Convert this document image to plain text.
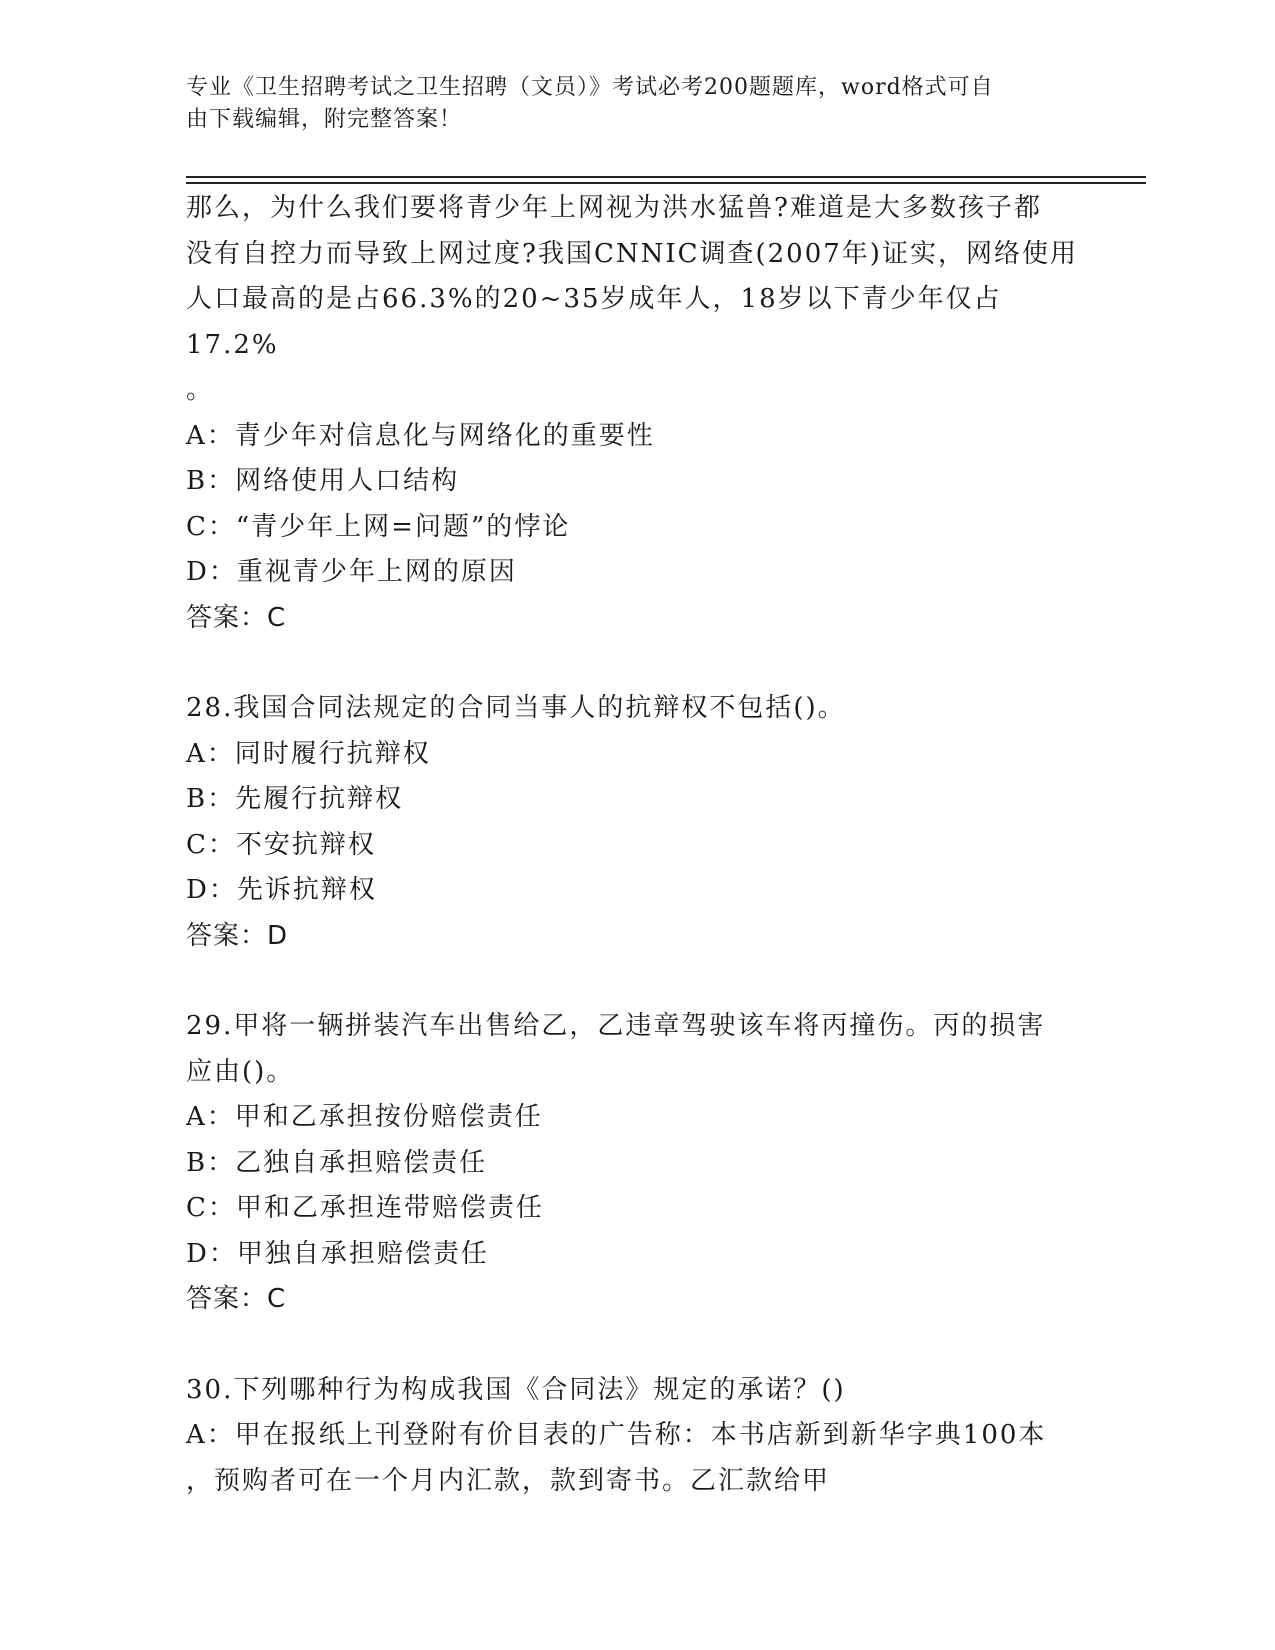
专业《卫生招聘考试之卫生招聘（文员）》考试必考200题题库，word格式可自
由下载编辑，附完整答案！

那么，为什么我们要将青少年上网视为洪水猛兽?难道是大多数孩子都

没有自控力而导致上网过度?我国CNNIC调查(2007年)证实，网络使用

人口最高的是占66.3%的20~35岁成年人，18岁以下青少年仅占17.2%

。

A：青少年对信息化与网络化的重要性

B：网络使用人口结构

C：“青少年上网=问题”的悖论

D：重视青少年上网的原因

答案：C

28.我国合同法规定的合同当事人的抗辩权不包括()。

A：同时履行抗辩权

B：先履行抗辩权

C：不安抗辩权

D：先诉抗辩权

答案：D

29.甲将一辆拼装汽车出售给乙，乙违章驾驶该车将丙撞伤。丙的损害

应由()。

A：甲和乙承担按份赔偿责任

B：乙独自承担赔偿责任

C：甲和乙承担连带赔偿责任

D：甲独自承担赔偿责任

答案：C

30.下列哪种行为构成我国《合同法》规定的承诺？()

A：甲在报纸上刊登附有价目表的广告称：本书店新到新华字典100本

，预购者可在一个月内汇款，款到寄书。乙汇款给甲
